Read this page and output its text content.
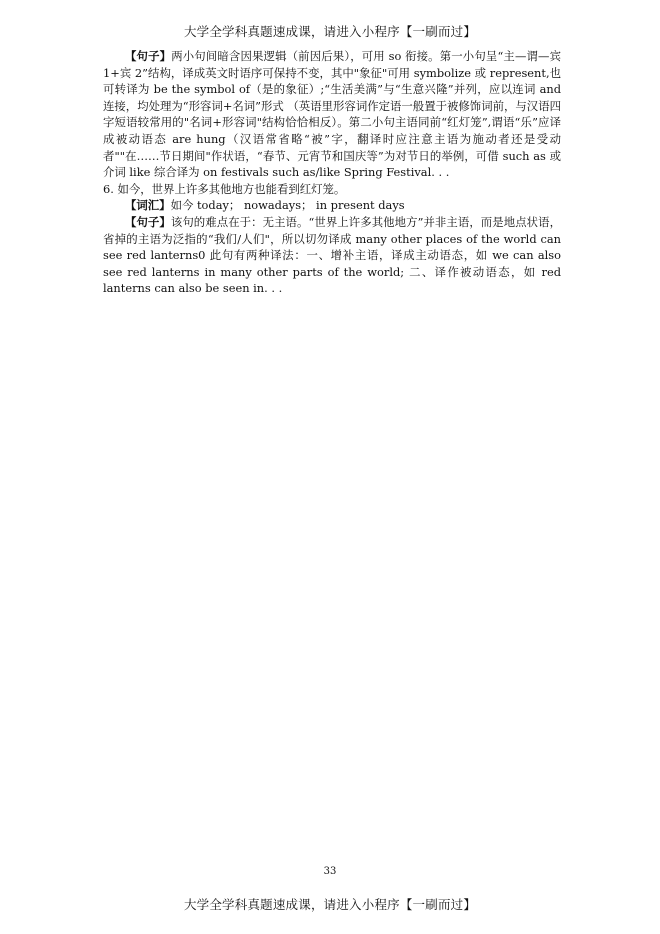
大学全学科真题速成课，请进入小程序【一刷而过】

【句子】两小句间暗含因果逻辑（前因后果），可用 so 衔接。第一小句呈“主—谓—宾 1+宾 2”结构，译成英文时语序可保持不变，其中"象征"可用 symbolize 或 represent,也可转译为 be the symbol of（是的象征）;“生活美满”与“生意兴隆”并列，应以连词 and 连接，均处理为“形容词+名词”形式 （英语里形容词作定语一般置于被修饰词前，与汉语四字短语较常用的"名词+形容词"结构恰恰相反）。第二小句主语同前“红灯笼”,谓语“乐”应译成被动语态 are hung（汉语常省略“被”字，翻译时应注意主语为施动者还是受动者""在……节日期间"作状语，“春节、元宵节和国庆等”为对节日的举例，可借 such as 或介词 like 综合译为 on festivals such as/like Spring Festival. . .

6. 如今，世界上许多其他地方也能看到红灯笼。

【词汇】如今 today； nowadays； in present days

【句子】该句的难点在于：无主语。“世界上许多其他地方”并非主语，而是地点状语，省掉的主语为泛指的“我们/人们"，所以切勿译成 many other places of the world can see red lanterns0 此句有两种译法：一、增补主语，译成主动语态，如 we can also see red lanterns in many other parts of the world; 二、译作被动语态，如 red lanterns can also be seen in. . .

33
大学全学科真题速成课，请进入小程序【一刷而过】
